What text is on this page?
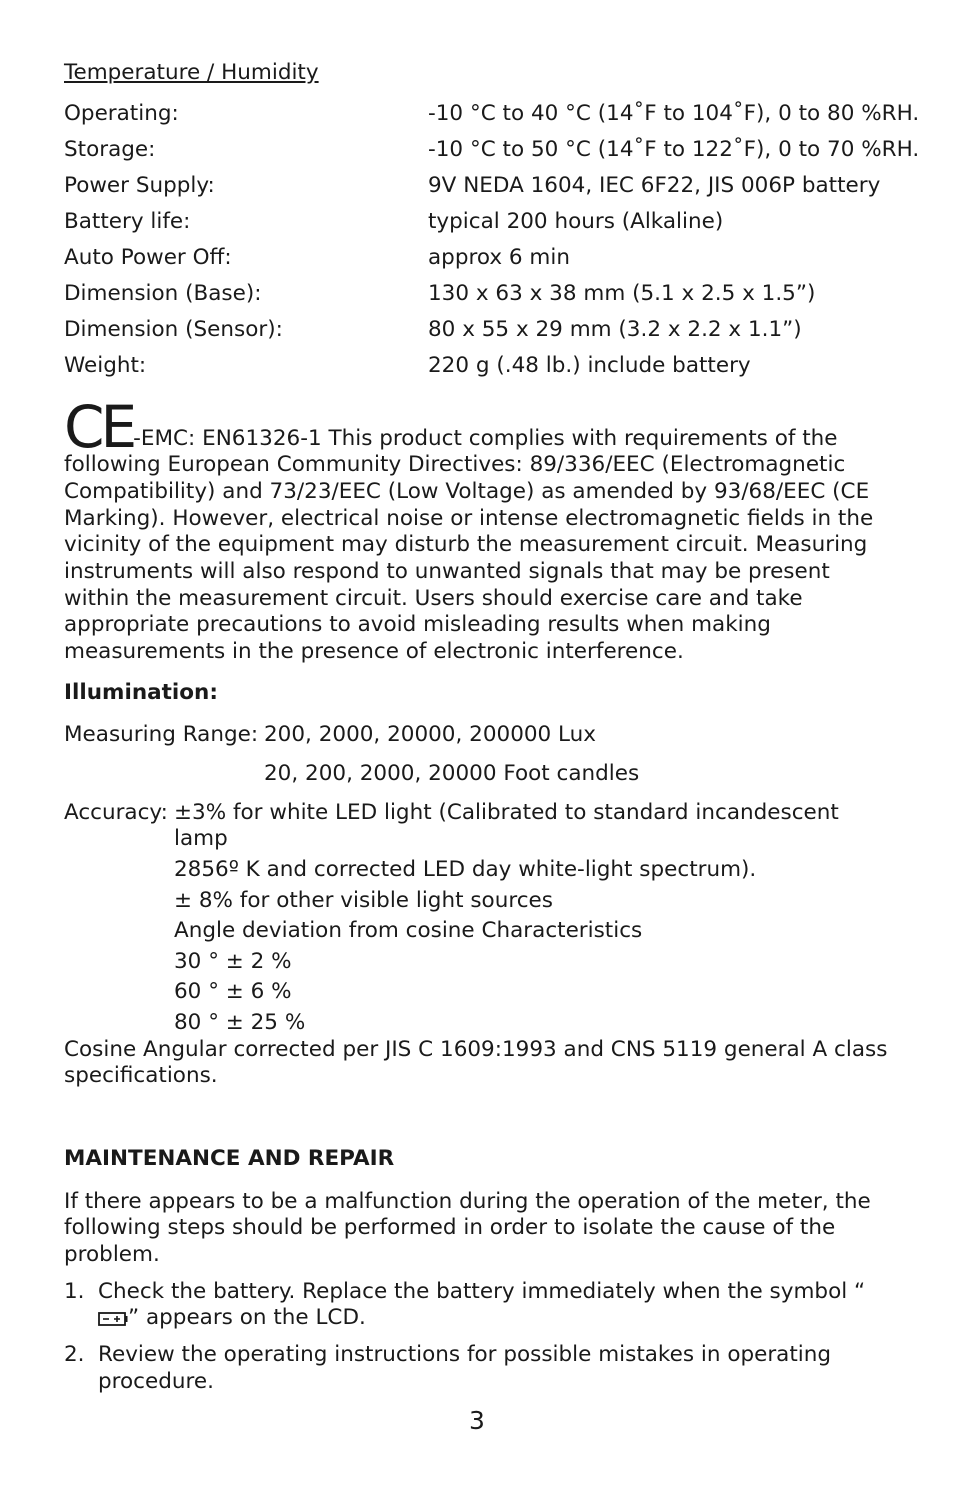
Temperature / Humidity
Operating:	-10 °C to 40 °C (14˚F to 104˚F), 0 to 80 %RH.
Storage:	-10 °C to 50 °C (14˚F to 122˚F), 0 to 70 %RH.
Power Supply:	9V NEDA 1604, IEC 6F22, JIS 006P battery
Battery life:	typical 200 hours (Alkaline)
Auto Power Off:	approx 6 min
Dimension (Base):	130 x 63 x 38 mm (5.1 x 2.5 x 1.5”)
Dimension (Sensor):	80 x 55 x 29 mm (3.2 x 2.2 x 1.1”)
Weight:	220 g (.48 lb.) include battery
CE-EMC: EN61326-1 This product complies with requirements of the following European Community Directives: 89/336/EEC (Electromagnetic Compatibility) and 73/23/EEC (Low Voltage) as amended by 93/68/EEC (CE Marking). However, electrical noise or intense electromagnetic fields in the vicinity of the equipment may disturb the measurement circuit. Measuring instruments will also respond to unwanted signals that may be present within the measurement circuit. Users should exercise care and take appropriate precautions to avoid misleading results when making measurements in the presence of electronic interference.
Illumination:
Measuring Range: 200, 2000, 20000, 200000 Lux
20, 200, 2000, 20000 Foot candles
Accuracy: ±3% for white LED light (Calibrated to standard incandescent lamp
2856º K and corrected LED day white-light spectrum).
± 8% for other visible light sources
Angle deviation from cosine Characteristics
30 ° ± 2 %
60 ° ± 6 %
80 ° ± 25 %
Cosine Angular corrected per JIS C 1609:1993 and CNS 5119 general A class specifications.
MAINTENANCE AND REPAIR
If there appears to be a malfunction during the operation of the meter, the following steps should be performed in order to isolate the cause of the problem.
1. Check the battery. Replace the battery immediately when the symbol “” appears on the LCD.
2. Review the operating instructions for possible mistakes in operating procedure.
3
